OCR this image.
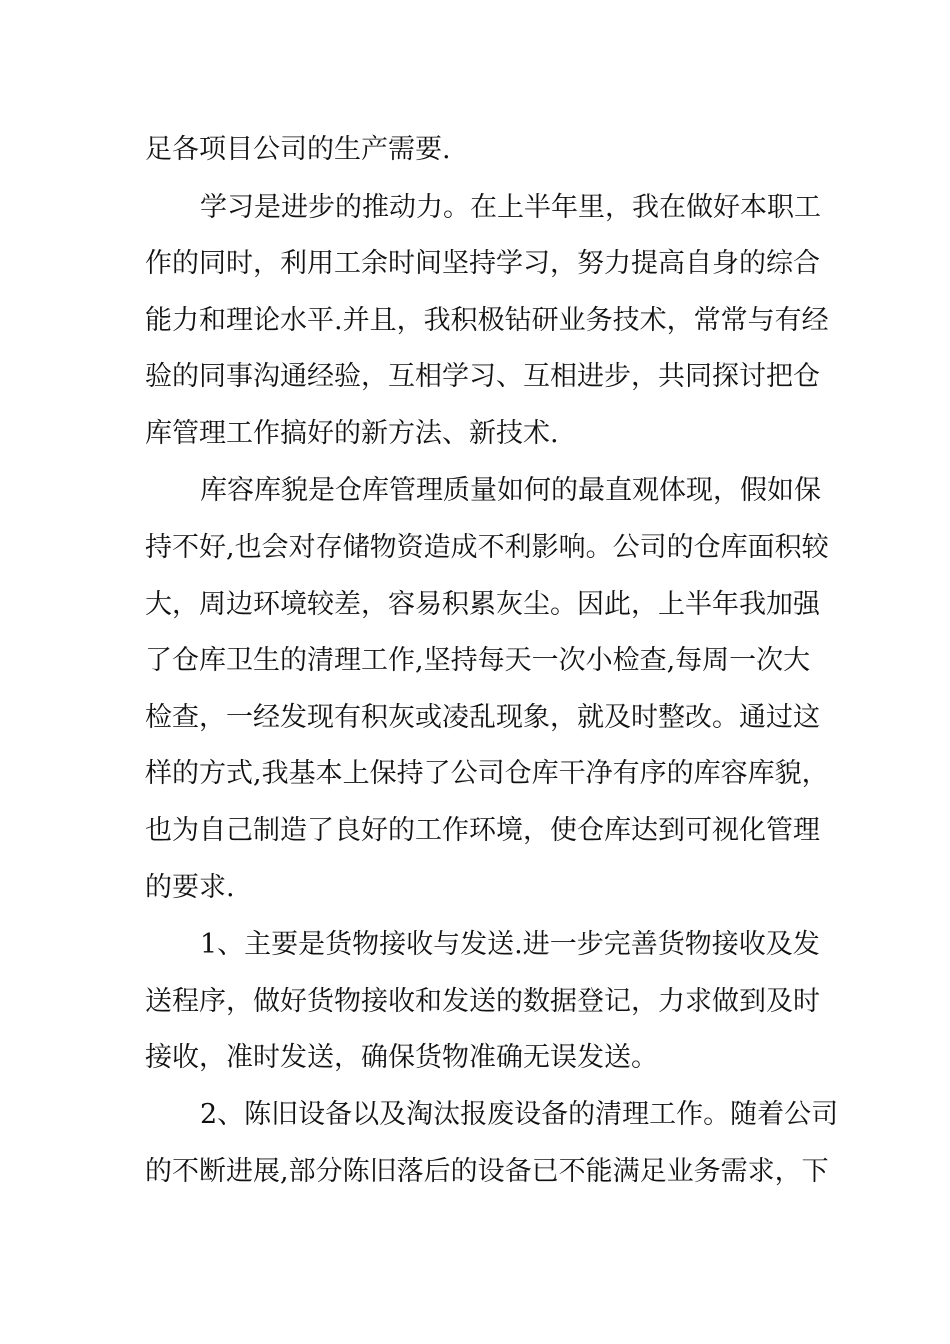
足各项目公司的生产需要.
学习是进步的推动力。在上半年里，我在做好本职工
作的同时，利用工余时间坚持学习，努力提高自身的综合
能力和理论水平.并且，我积极钻研业务技术，常常与有经
验的同事沟通经验，互相学习、互相进步，共同探讨把仓
库管理工作搞好的新方法、新技术.
库容库貌是仓库管理质量如何的最直观体现，假如保
持不好,也会对存储物资造成不利影响。公司的仓库面积较
大，周边环境较差，容易积累灰尘。因此，上半年我加强
了仓库卫生的清理工作,坚持每天一次小检查,每周一次大
检查，一经发现有积灰或凌乱现象，就及时整改。通过这
样的方式,我基本上保持了公司仓库干净有序的库容库貌，
也为自己制造了良好的工作环境，使仓库达到可视化管理
的要求.
1、主要是货物接收与发送.进一步完善货物接收及发
送程序，做好货物接收和发送的数据登记，力求做到及时
接收，准时发送，确保货物准确无误发送。
2、陈旧设备以及淘汰报废设备的清理工作。随着公司
的不断进展,部分陈旧落后的设备已不能满足业务需求，下
